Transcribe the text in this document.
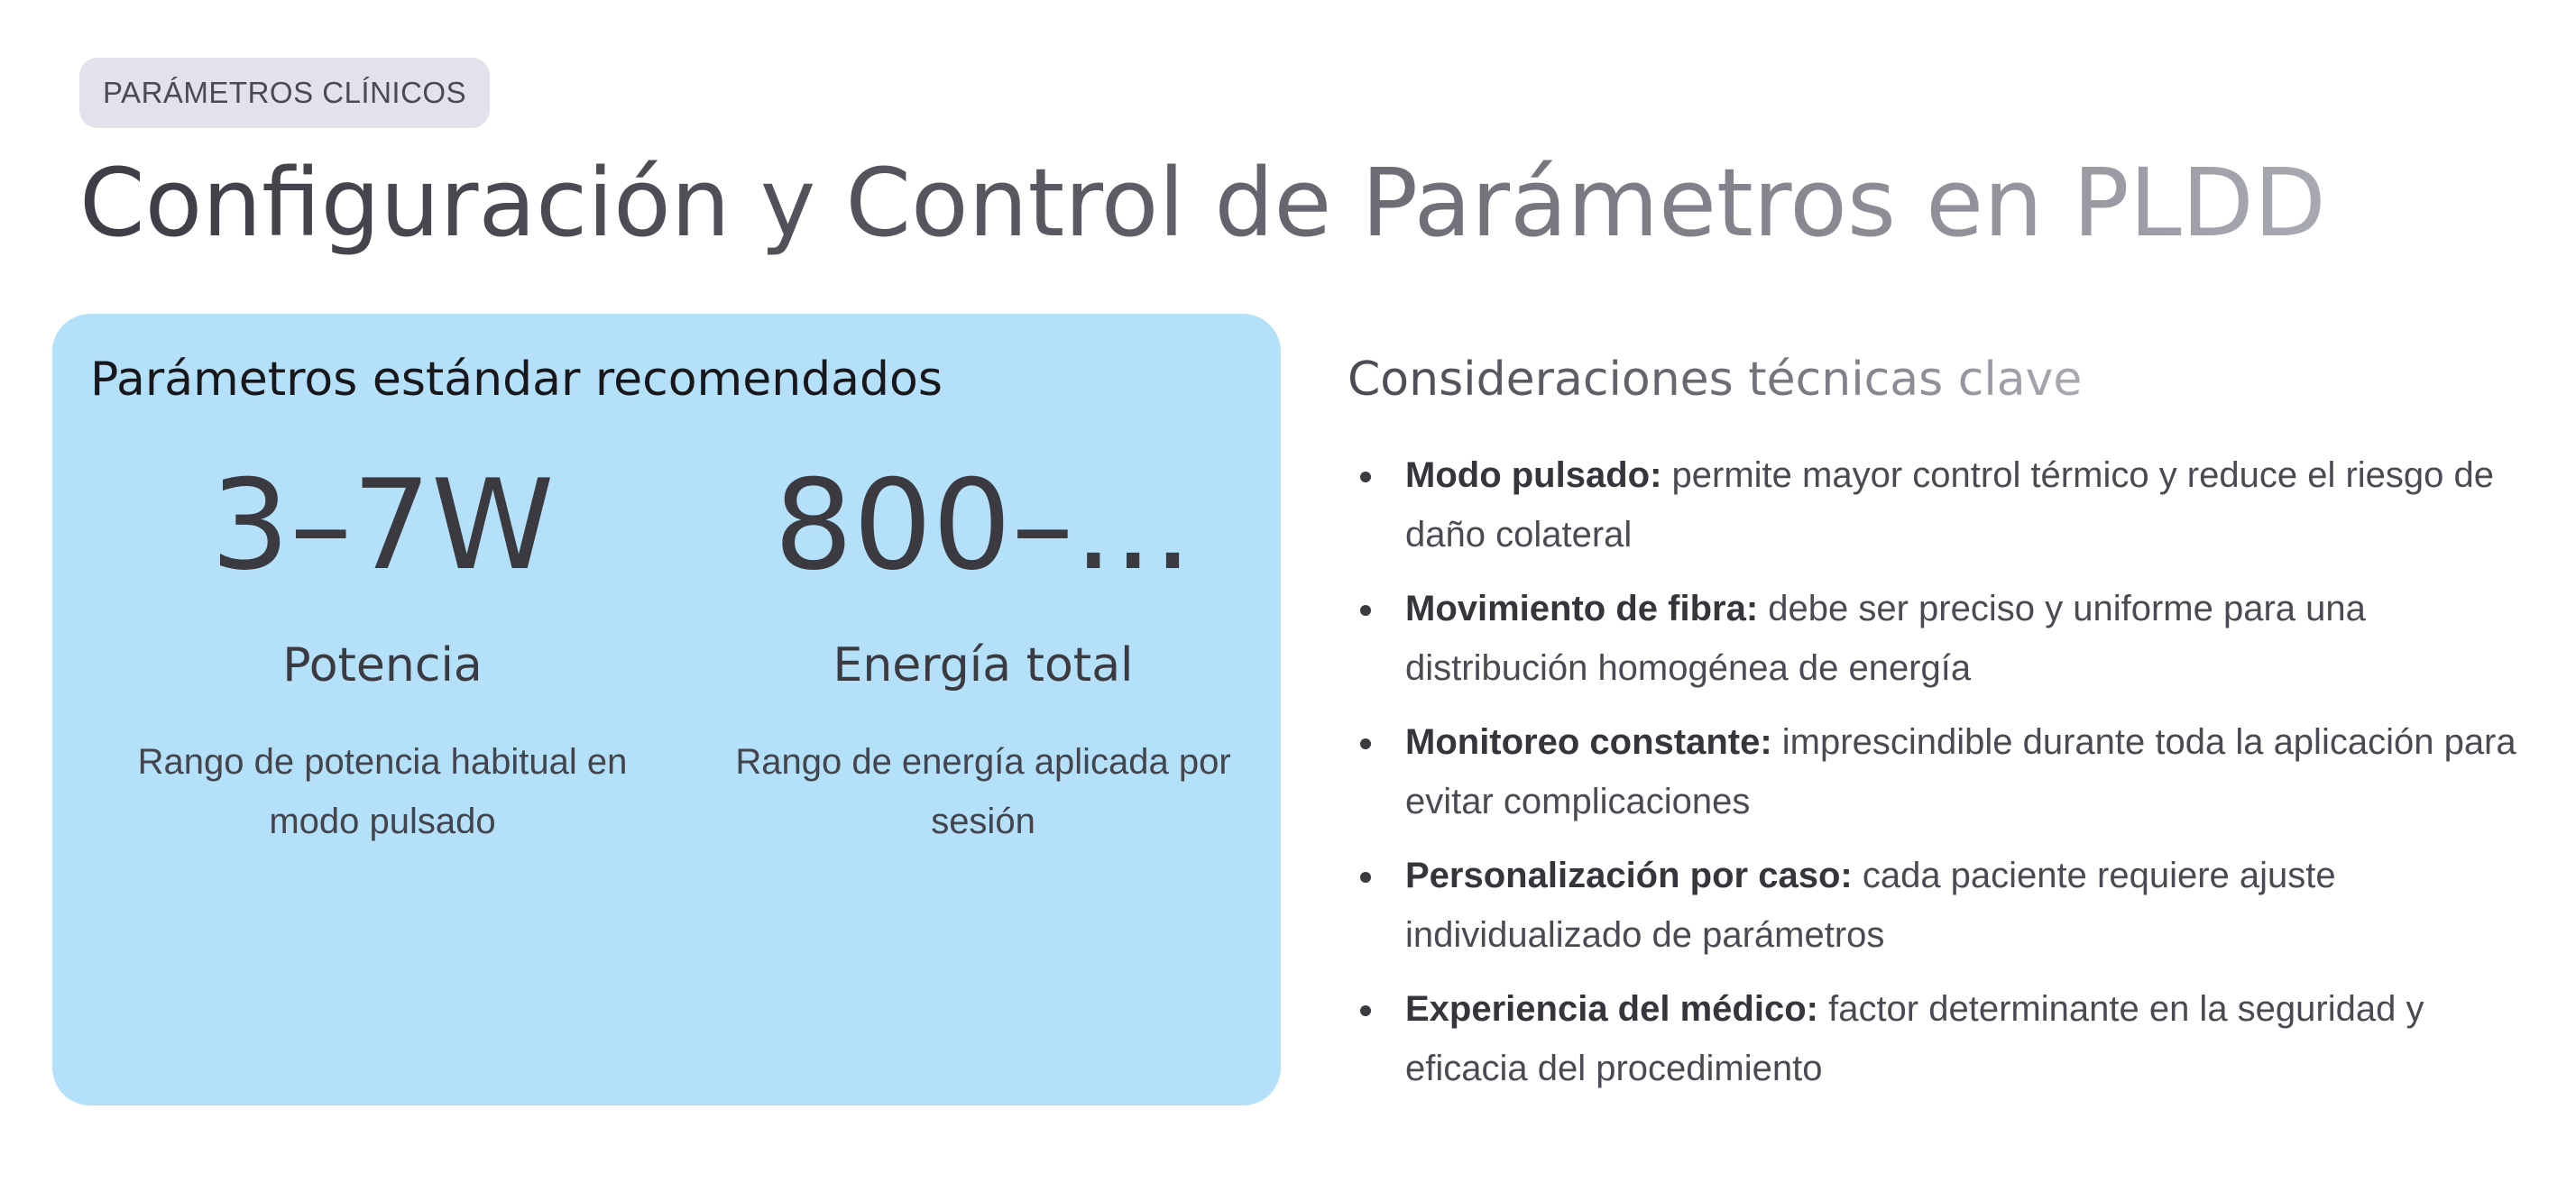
PARÁMETROS CLÍNICOS
Configuración y Control de Parámetros en PLDD
Parámetros estándar recomendados
3–7W
Potencia
Rango de potencia habitual en modo pulsado
800–...
Energía total
Rango de energía aplicada por sesión
Consideraciones técnicas clave
Modo pulsado: permite mayor control térmico y reduce el riesgo de daño colateral
Movimiento de fibra: debe ser preciso y uniforme para una distribución homogénea de energía
Monitoreo constante: imprescindible durante toda la aplicación para evitar complicaciones
Personalización por caso: cada paciente requiere ajuste individualizado de parámetros
Experiencia del médico: factor determinante en la seguridad y eficacia del procedimiento
